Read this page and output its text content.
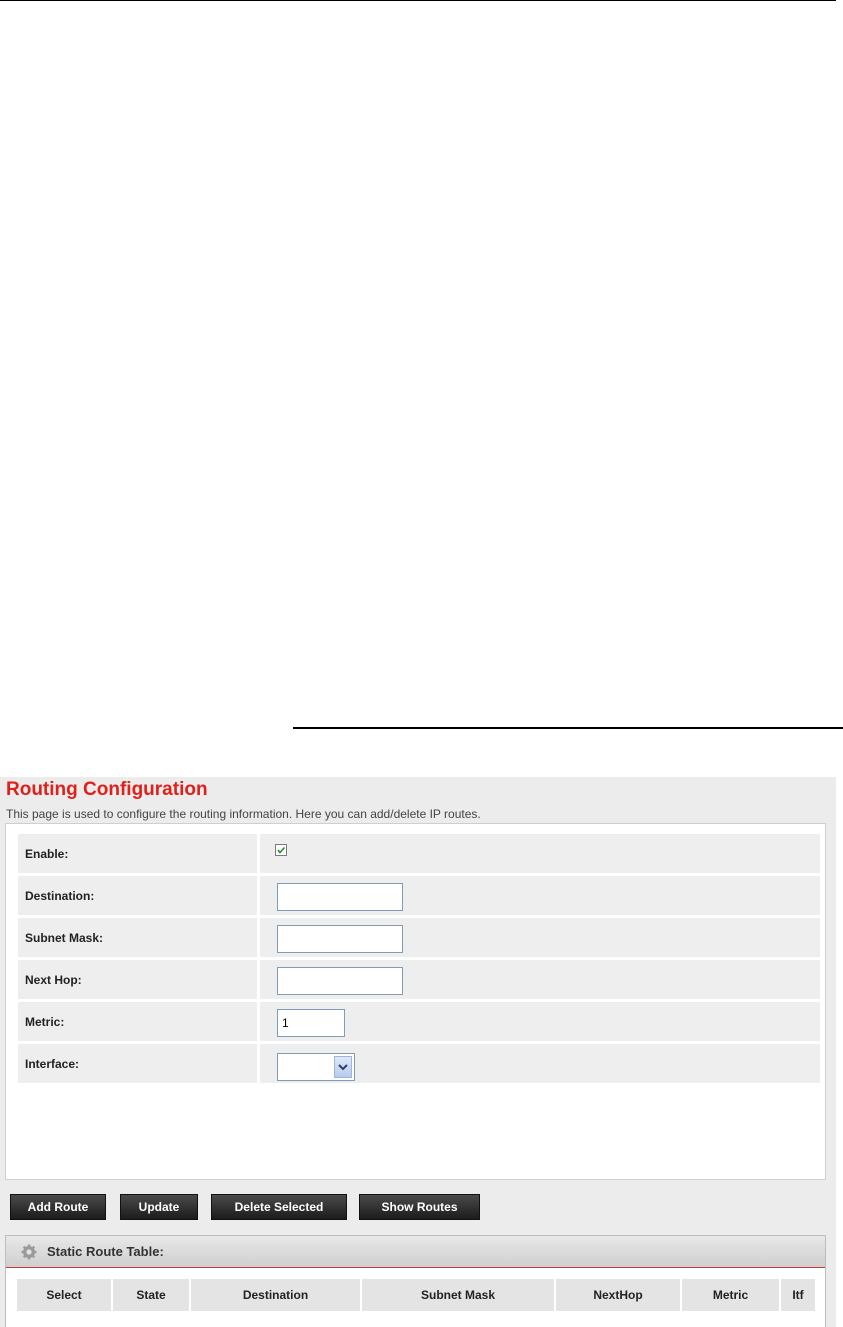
Routing Configuration
This page is used to configure the routing information. Here you can add/delete IP routes.
Enable:
Destination:
Subnet Mask:
Next Hop:
Metric:
1
Interface:
Add Route	Update	Delete Selected	Show Routes
Static Route Table:
Select	State	Destination	Subnet Mask	NextHop	Metric	Itf
